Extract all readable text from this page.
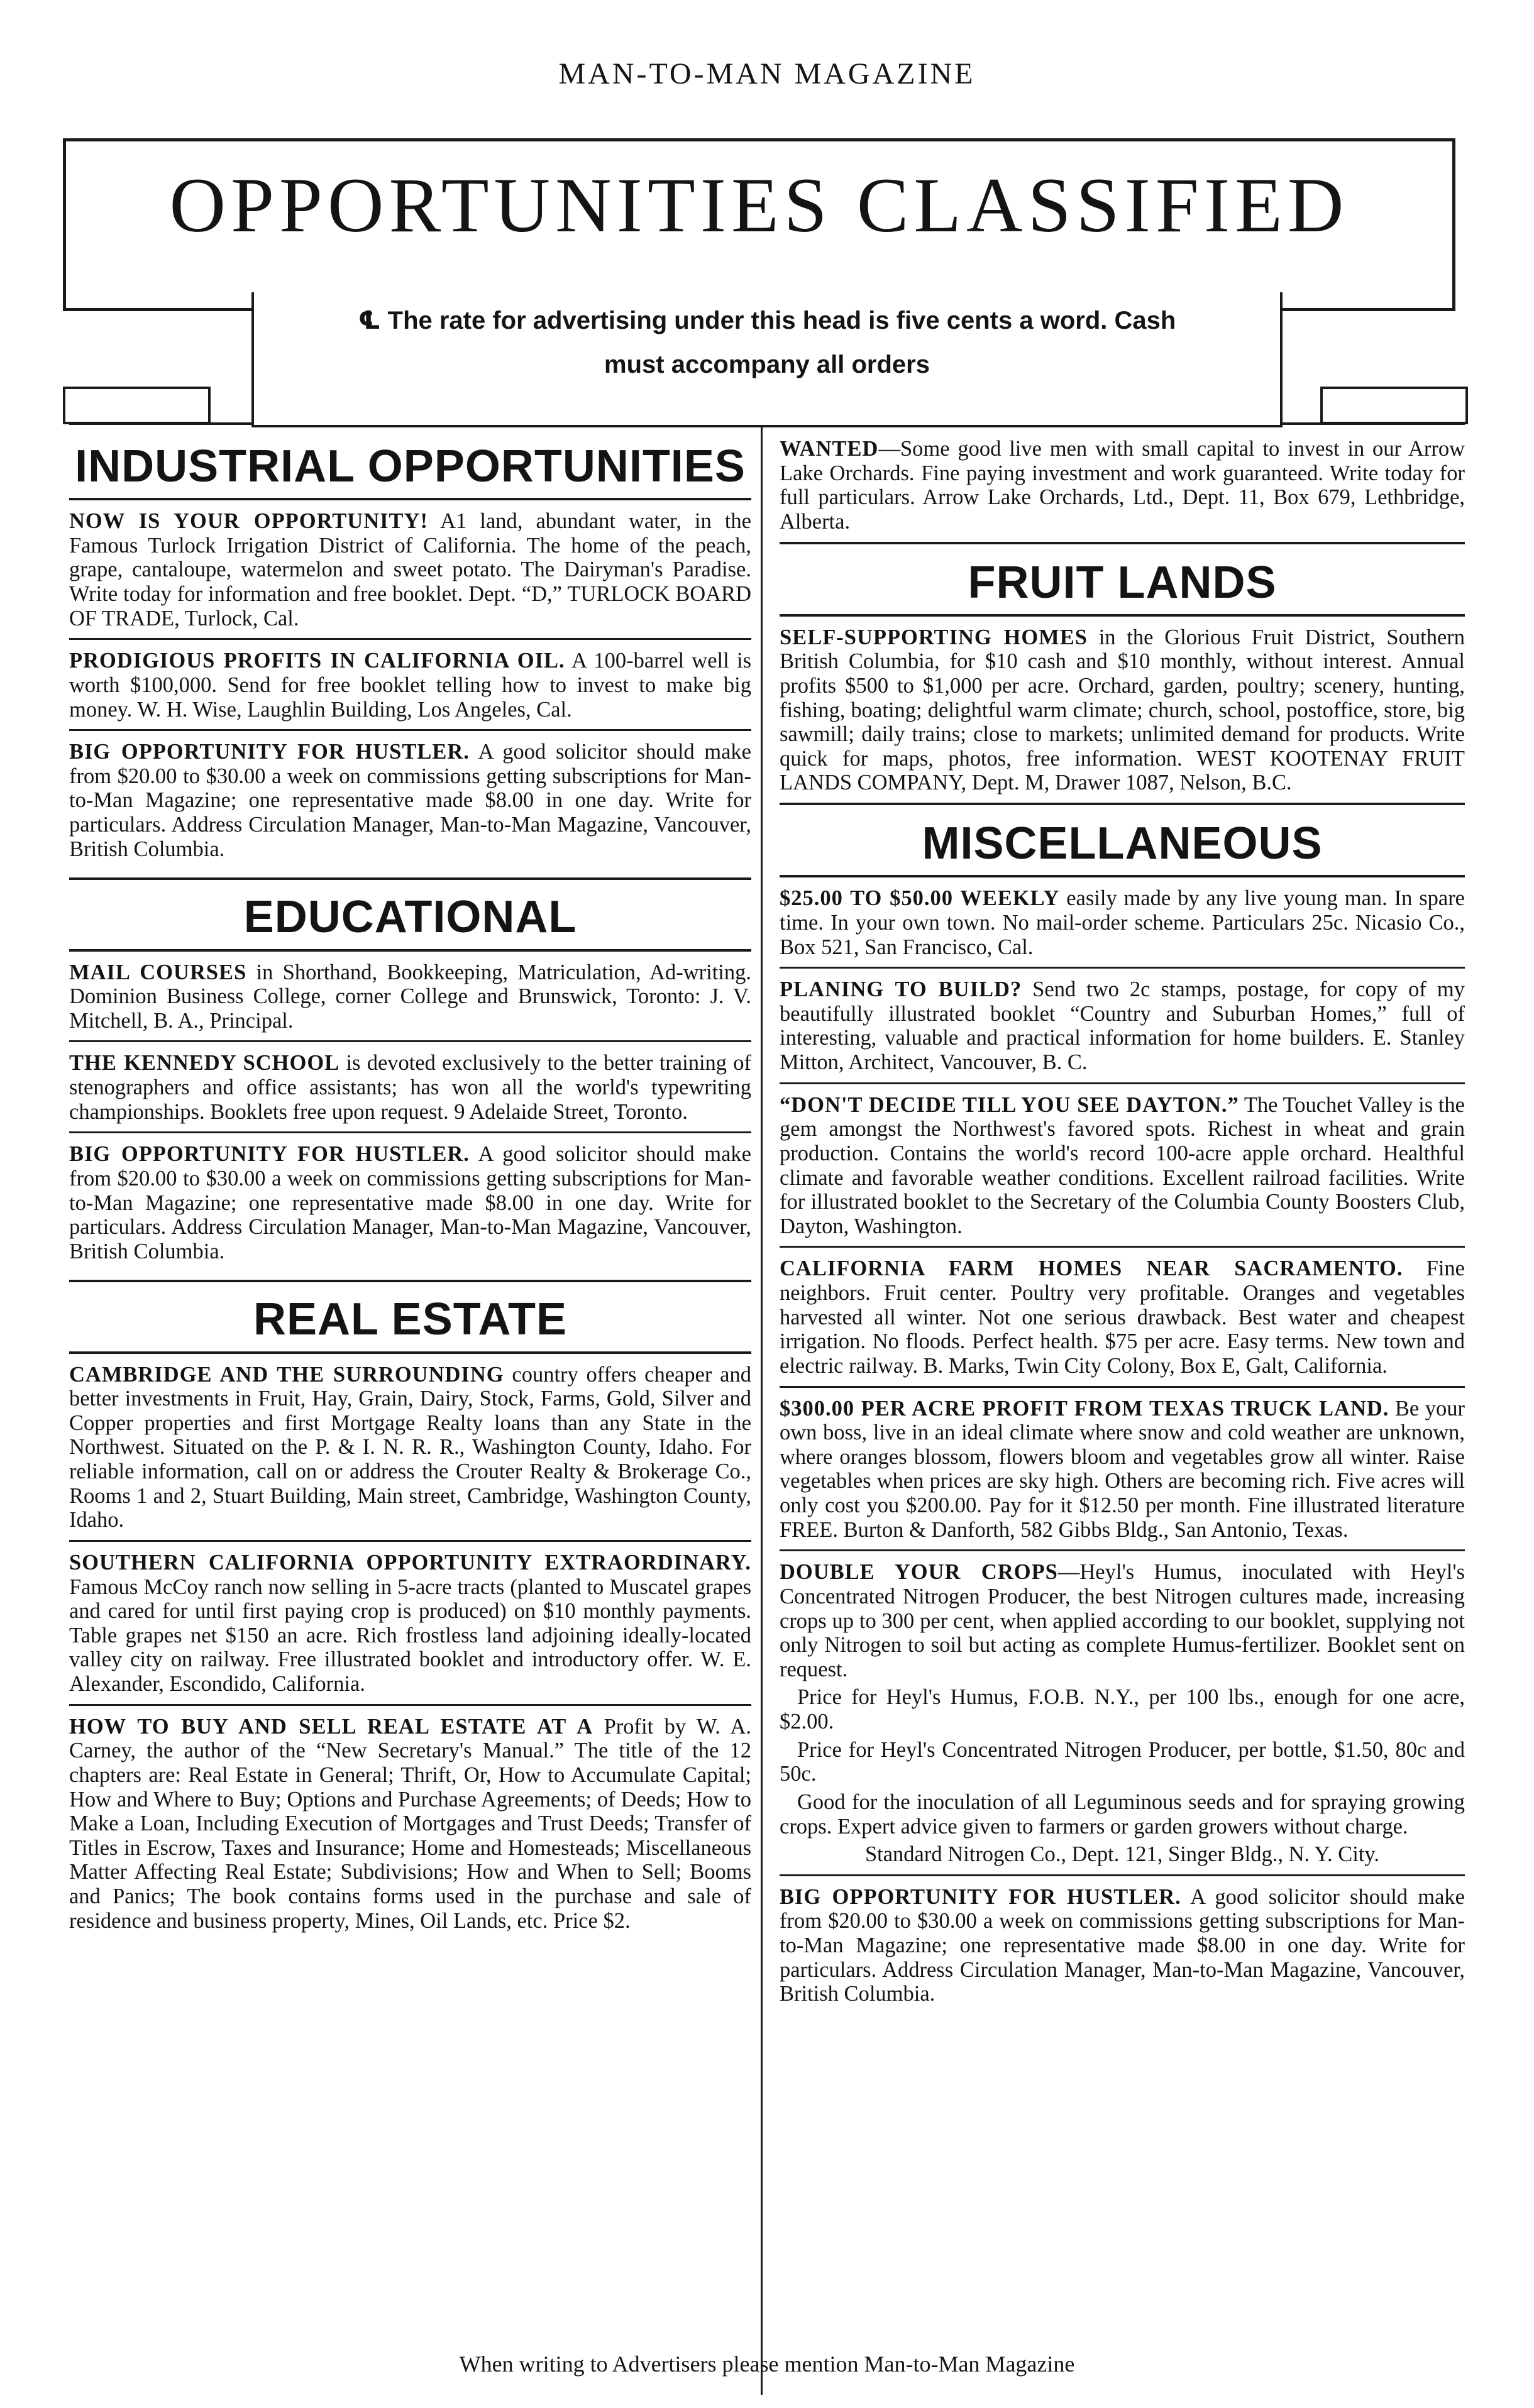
MAN-TO-MAN MAGAZINE
OPPORTUNITIES CLASSIFIED
℄ The rate for advertising under this head is five cents a word. Cash
must accompany all orders
INDUSTRIAL OPPORTUNITIES
NOW IS YOUR OPPORTUNITY! A1 land, abundant water, in the Famous Turlock Irrigation District of California. The home of the peach, grape, cantaloupe, watermelon and sweet potato. The Dairyman's Paradise. Write today for information and free booklet. Dept. “D,” TURLOCK BOARD OF TRADE, Turlock, Cal.
PRODIGIOUS PROFITS IN CALIFORNIA OIL. A 100-barrel well is worth $100,000. Send for free booklet telling how to invest to make big money. W. H. Wise, Laughlin Building, Los Angeles, Cal.
BIG OPPORTUNITY FOR HUSTLER. A good solicitor should make from $20.00 to $30.00 a week on commissions getting subscriptions for Man-to-Man Magazine; one representative made $8.00 in one day. Write for particulars. Address Circulation Manager, Man-to-Man Magazine, Vancouver, British Columbia.
EDUCATIONAL
MAIL COURSES in Shorthand, Bookkeeping, Matriculation, Ad-writing. Dominion Business College, corner College and Brunswick, Toronto: J. V. Mitchell, B. A., Principal.
THE KENNEDY SCHOOL is devoted exclusively to the better training of stenographers and office assistants; has won all the world's typewriting championships. Booklets free upon request. 9 Adelaide Street, Toronto.
BIG OPPORTUNITY FOR HUSTLER. A good solicitor should make from $20.00 to $30.00 a week on commissions getting subscriptions for Man-to-Man Magazine; one representative made $8.00 in one day. Write for particulars. Address Circulation Manager, Man-to-Man Magazine, Vancouver, British Columbia.
REAL ESTATE
CAMBRIDGE AND THE SURROUNDING country offers cheaper and better investments in Fruit, Hay, Grain, Dairy, Stock, Farms, Gold, Silver and Copper properties and first Mortgage Realty loans than any State in the Northwest. Situated on the P. & I. N. R. R., Washington County, Idaho. For reliable information, call on or address the Crouter Realty & Brokerage Co., Rooms 1 and 2, Stuart Building, Main street, Cambridge, Washington County, Idaho.
SOUTHERN CALIFORNIA OPPORTUNITY EXTRAORDINARY. Famous McCoy ranch now selling in 5-acre tracts (planted to Muscatel grapes and cared for until first paying crop is produced) on $10 monthly payments. Table grapes net $150 an acre. Rich frostless land adjoining ideally-located valley city on railway. Free illustrated booklet and introductory offer. W. E. Alexander, Escondido, California.
HOW TO BUY AND SELL REAL ESTATE AT A Profit by W. A. Carney, the author of the “New Secretary's Manual.” The title of the 12 chapters are: Real Estate in General; Thrift, Or, How to Accumulate Capital; How and Where to Buy; Options and Purchase Agreements; of Deeds; How to Make a Loan, Including Execution of Mortgages and Trust Deeds; Transfer of Titles in Escrow, Taxes and Insurance; Home and Homesteads; Miscellaneous Matter Affecting Real Estate; Subdivisions; How and When to Sell; Booms and Panics; The book contains forms used in the purchase and sale of residence and business property, Mines, Oil Lands, etc. Price $2.
WANTED—Some good live men with small capital to invest in our Arrow Lake Orchards. Fine paying investment and work guaranteed. Write today for full particulars. Arrow Lake Orchards, Ltd., Dept. 11, Box 679, Lethbridge, Alberta.
FRUIT LANDS
SELF-SUPPORTING HOMES in the Glorious Fruit District, Southern British Columbia, for $10 cash and $10 monthly, without interest. Annual profits $500 to $1,000 per acre. Orchard, garden, poultry; scenery, hunting, fishing, boating; delightful warm climate; church, school, postoffice, store, big sawmill; daily trains; close to markets; unlimited demand for products. Write quick for maps, photos, free information. WEST KOOTENAY FRUIT LANDS COMPANY, Dept. M, Drawer 1087, Nelson, B.C.
MISCELLANEOUS
$25.00 TO $50.00 WEEKLY easily made by any live young man. In spare time. In your own town. No mail-order scheme. Particulars 25c. Nicasio Co., Box 521, San Francisco, Cal.
PLANING TO BUILD? Send two 2c stamps, postage, for copy of my beautifully illustrated booklet “Country and Suburban Homes,” full of interesting, valuable and practical information for home builders. E. Stanley Mitton, Architect, Vancouver, B. C.
“DON'T DECIDE TILL YOU SEE DAYTON.” The Touchet Valley is the gem amongst the Northwest's favored spots. Richest in wheat and grain production. Contains the world's record 100-acre apple orchard. Healthful climate and favorable weather conditions. Excellent railroad facilities. Write for illustrated booklet to the Secretary of the Columbia County Boosters Club, Dayton, Washington.
CALIFORNIA FARM HOMES NEAR SACRAMENTO. Fine neighbors. Fruit center. Poultry very profitable. Oranges and vegetables harvested all winter. Not one serious drawback. Best water and cheapest irrigation. No floods. Perfect health. $75 per acre. Easy terms. New town and electric railway. B. Marks, Twin City Colony, Box E, Galt, California.
$300.00 PER ACRE PROFIT FROM TEXAS TRUCK LAND. Be your own boss, live in an ideal climate where snow and cold weather are unknown, where oranges blossom, flowers bloom and vegetables grow all winter. Raise vegetables when prices are sky high. Others are becoming rich. Five acres will only cost you $200.00. Pay for it $12.50 per month. Fine illustrated literature FREE. Burton & Danforth, 582 Gibbs Bldg., San Antonio, Texas.
DOUBLE YOUR CROPS—Heyl's Humus, inoculated with Heyl's Concentrated Nitrogen Producer, the best Nitrogen cultures made, increasing crops up to 300 per cent, when applied according to our booklet, supplying not only Nitrogen to soil but acting as complete Humus-fertilizer. Booklet sent on request.
Price for Heyl's Humus, F.O.B. N.Y., per 100 lbs., enough for one acre, $2.00.
Price for Heyl's Concentrated Nitrogen Producer, per bottle, $1.50, 80c and 50c.
Good for the inoculation of all Leguminous seeds and for spraying growing crops. Expert advice given to farmers or garden growers without charge.
Standard Nitrogen Co., Dept. 121, Singer Bldg., N. Y. City.
BIG OPPORTUNITY FOR HUSTLER. A good solicitor should make from $20.00 to $30.00 a week on commissions getting subscriptions for Man-to-Man Magazine; one representative made $8.00 in one day. Write for particulars. Address Circulation Manager, Man-to-Man Magazine, Vancouver, British Columbia.
When writing to Advertisers please mention Man-to-Man Magazine
